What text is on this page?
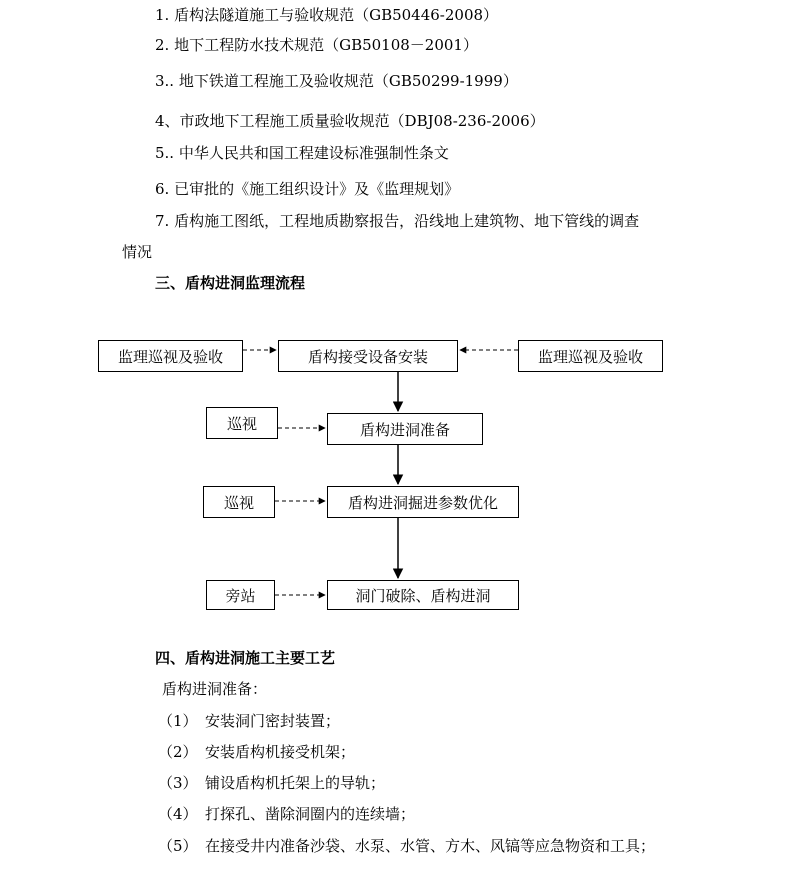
1. 盾构法隧道施工与验收规范（GB50446-2008）
2. 地下工程防水技术规范（GB50108－2001）
3.. 地下铁道工程施工及验收规范（GB50299-1999）
4、市政地下工程施工质量验收规范（DBJ08-236-2006）
5.. 中华人民共和国工程建设标准强制性条文
6. 已审批的《施工组织设计》及《监理规划》
7. 盾构施工图纸，工程地质勘察报告，沿线地上建筑物、地下管线的调查
情况
三、盾构进洞监理流程
监理巡视及验收	盾构接受设备安装	监理巡视及验收
巡视	盾构进洞准备
巡视	盾构进洞掘进参数优化
旁站	洞门破除、盾构进洞
四、盾构进洞施工主要工艺
盾构进洞准备：
（1）　安装洞门密封装置；
（2）　安装盾构机接受机架；
（3）　铺设盾构机托架上的导轨；
（4）　打探孔、凿除洞圈内的连续墙；
（5）　在接受井内准备沙袋、水泵、水管、方木、风镐等应急物资和工具；
